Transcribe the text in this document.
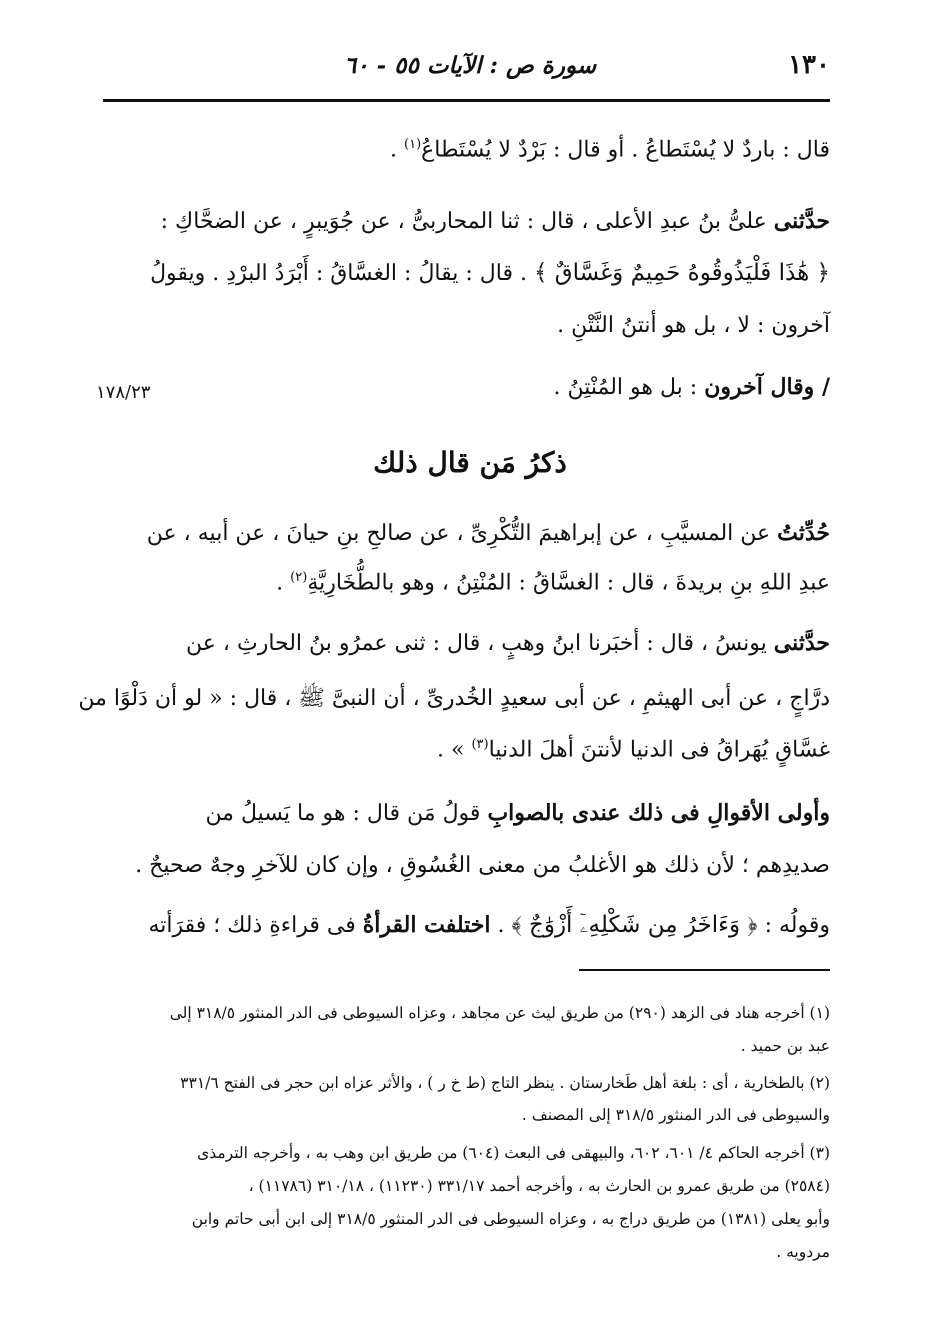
١٣٠
سورة ص : الآيات ٥٥ - ٦٠
قال : باردٌ لا يُسْتَطاعُ . أو قال : بَرْدٌ لا يُسْتَطاعُ$^{(١)}$ .
حدَّثنى علىُّ بنُ عبدِ الأعلى ، قال : ثنا المحاربىُّ ، عن جُوَيبرٍ ، عن الضحَّاكِ :
﴿ هَٰذَا فَلْيَذُوقُوهُ حَمِيمٌ وَغَسَّاقٌ ﴾ . قال : يقالُ : الغسَّاقُ : أَبْرَدُ البرْدِ . ويقولُ
آخرون : لا ، بل هو أنتنُ النَّتْنِ .
/ وقال آخرون : بل هو المُنْتِنُ .
١٧٨/٢٣
ذكرُ مَن قال ذلك
حُدِّثتُ عن المسيَّبِ ، عن إبراهيمَ التُّكْرِىِّ ، عن صالحِ بنِ حيانَ ، عن أبيه ، عن
عبدِ اللهِ بنِ بريدةَ ، قال : الغسَّاقُ : المُنْتِنُ ، وهو بالطُّخَارِيَّةِ$^{(٢)}$ .
حدَّثنى يونسُ ، قال : أخبَرنا ابنُ وهبٍ ، قال : ثنى عمرُو بنُ الحارثِ ، عن
درَّاجٍ ، عن أبى الهيثمِ ، عن أبى سعيدٍ الخُدرىِّ ، أن النبىَّ ﷺ ، قال : « لو أن دَلْوًا من
غسَّاقٍ يُهَراقُ فى الدنيا لأنتنَ أهلَ الدنيا$^{(٣)}$ » .
وأولى الأقوالِ فى ذلك عندى بالصوابِ قولُ مَن قال : هو ما يَسيلُ من
صديدِهم ؛ لأن ذلك هو الأغلبُ من معنى الغُسُوقِ ، وإن كان للآخرِ وجهٌ صحيحٌ .
وقولُه : ﴿ وَءَاخَرُ مِن شَكْلِهِۦٓ أَزْوَٰجٌ ﴾ . اختلفت القرأةُ فى قراءةِ ذلك ؛ فقرَأته
(١) أخرجه هناد فى الزهد (٢٩٠) من طريق ليث عن مجاهد ، وعزاه السيوطى فى الدر المنثور ٣١٨/٥ إلى
عبد بن حميد .
(٢) بالطخارية ، أى : بلغة أهل طَخارستان . ينظر التاج (ط خ ر ) ، والأثر عزاه ابن حجر فى الفتح ٣٣١/٦
والسيوطى فى الدر المنثور ٣١٨/٥ إلى المصنف .
(٣) أخرجه الحاكم ٤/ ٦٠١، ٦٠٢، والبيهقى فى البعث (٦٠٤) من طريق ابن وهب به ، وأخرجه الترمذى
(٢٥٨٤) من طريق عمرو بن الحارث به ، وأخرجه أحمد ٣٣١/١٧ (١١٢٣٠) ، ٣١٠/١٨ (١١٧٨٦) ،
وأبو يعلى (١٣٨١) من طريق دراج به ، وعزاه السيوطى فى الدر المنثور ٣١٨/٥ إلى ابن أبى حاتم وابن
مردويه .
